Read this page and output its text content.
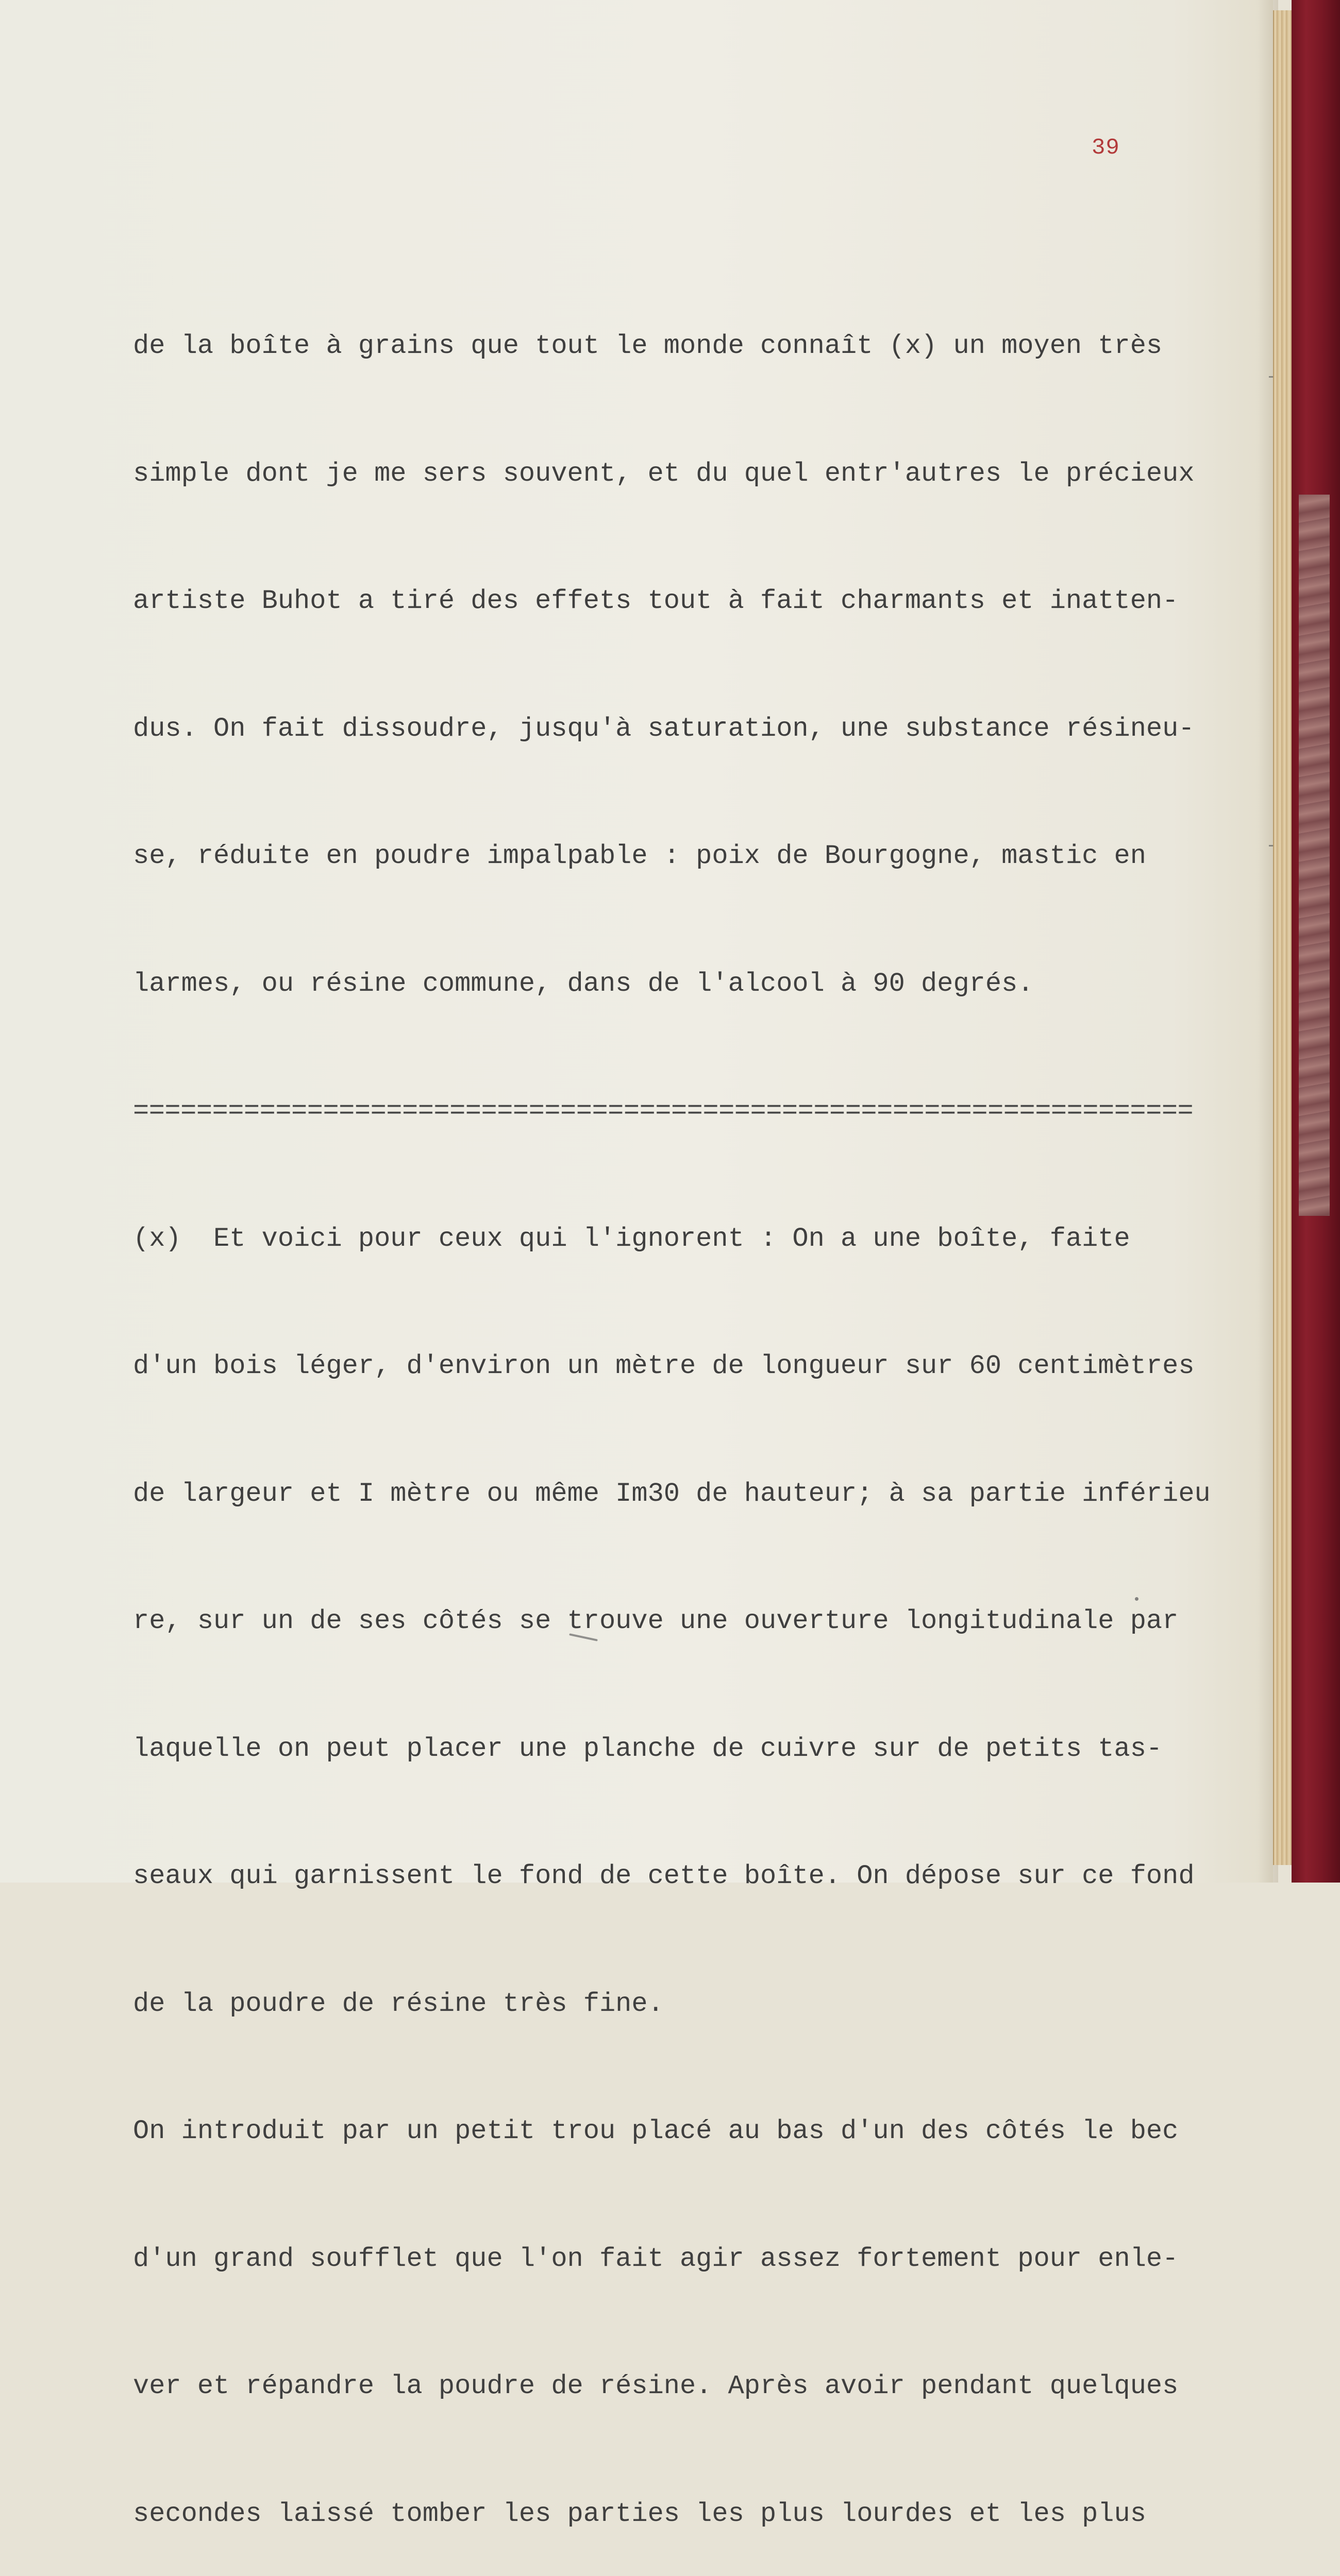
39

de la boîte à grains que tout le monde connaît (x) un moyen très

simple dont je me sers souvent, et du quel entr'autres le précieux

artiste Buhot a tiré des effets tout à fait charmants et inatten-

dus. On fait dissoudre, jusqu'à saturation, une substance résineu-

se, réduite en poudre impalpable : poix de Bourgogne, mastic en

larmes, ou résine commune, dans de l'alcool à 90 degrés.

===================================================================

(x)  Et voici pour ceux qui l'ignorent : On a une boîte, faite

d'un bois léger, d'environ un mètre de longueur sur 60 centimètres

de largeur et I mètre ou même Im30 de hauteur; à sa partie inférieu

re, sur un de ses côtés se trouve une ouverture longitudinale par

laquelle on peut placer une planche de cuivre sur de petits tas-

seaux qui garnissent le fond de cette boîte. On dépose sur ce fond

de la poudre de résine très fine.

On introduit par un petit trou placé au bas d'un des côtés le bec

d'un grand soufflet que l'on fait agir assez fortement pour enle-

ver et répandre la poudre de résine. Après avoir pendant quelques

secondes laissé tomber les parties les plus lourdes et les plus
